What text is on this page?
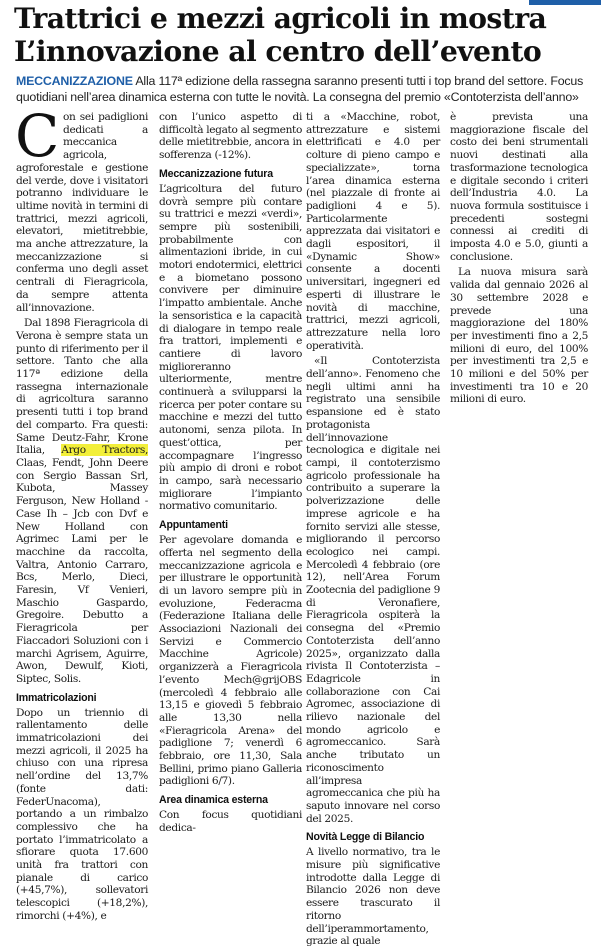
Trattrici e mezzi agricoli in mostra
L’innovazione al centro dell’evento

MECCANIZZAZIONE Alla 117ª edizione della rassegna saranno presenti tutti i top brand del settore. Focus

quotidiani nell’area dinamica esterna con tutte le novità. La consegna del premio «Contoterzista dell’anno»

Con sei padiglioni dedicati a meccanica agricola, agroforestale e gestione del verde, dove i visitatori potranno individuare le ultime novità in termini di trattrici, mezzi agricoli, elevatori, mietitrebbie, ma anche attrezzature, la meccanizzazione si conferma uno degli asset centrali di Fieragricola, da sempre attenta all’innovazione.

Dal 1898 Fieragricola di Verona è sempre stata un punto di riferimento per il settore. Tanto che alla 117ª edizione della rassegna internazionale di agricoltura saranno presenti tutti i top brand del comparto. Fra questi: Same Deutz-Fahr, Krone Italia, Argo Tractors, Claas, Fendt, John Deere con Sergio Bassan Srl, Kubota, Massey Ferguson, New Holland - Case Ih – Jcb con Dvf e New Holland con Agrimec Lami per le macchine da raccolta, Valtra, Antonio Carraro, Bcs, Merlo, Dieci, Faresin, Vf Venieri, Maschio Gaspardo, Gregoire. Debutto a Fieragricola per Fiaccadori Soluzioni con i marchi Agrisem, Aguirre, Awon, Dewulf, Kioti, Siptec, Solis.

Immatricolazioni

Dopo un triennio di rallentamento delle immatricolazioni dei mezzi agricoli, il 2025 ha chiuso con una ripresa nell’ordine del 13,7% (fonte dati: FederUnacoma), portando a un rimbalzo complessivo che ha portato l’immatricolato a sfiorare quota 17.600 unità fra trattori con pianale di carico (+45,7%), sollevatori telescopici (+18,2%), rimorchi (+4%), e

con l’unico aspetto di difficoltà legato al segmento delle mietitrebbie, ancora in sofferenza (-12%).

Meccanizzazione futura

L’agricoltura del futuro dovrà sempre più contare su trattrici e mezzi «verdi», sempre più sostenibili, probabilmente con alimentazioni ibride, in cui motori endotermici, elettrici e a biometano possono convivere per diminuire l’impatto ambientale. Anche la sensoristica e la capacità di dialogare in tempo reale fra trattori, implementi e cantiere di lavoro miglioreranno ulteriormente, mentre continuerà a svilupparsi la ricerca per poter contare su macchine e mezzi del tutto autonomi, senza pilota. In quest’ottica, per accompagnare l’ingresso più ampio di droni e robot in campo, sarà necessario migliorare l’impianto normativo comunitario.

Appuntamenti

Per agevolare domanda e offerta nel segmento della meccanizzazione agricola e per illustrare le opportunità di un lavoro sempre più in evoluzione, Federacma (Federazione Italiana delle Associazioni Nazionali dei Servizi e Commercio Macchine Agricole) organizzerà a Fieragricola l’evento Mech@grijOBS (mercoledì 4 febbraio alle 13,15 e giovedì 5 febbraio alle 13,30 nella «Fieragricola Arena» del padiglione 7; venerdì 6 febbraio, ore 11,30, Sala Bellini, primo piano Galleria padiglioni 6/7).

Area dinamica esterna

Con focus quotidiani dedica-

ti a «Macchine, robot, attrezzature e sistemi elettrificati e 4.0 per colture di pieno campo e specializzate», torna l’area dinamica esterna (nel piazzale di fronte ai padiglioni 4 e 5). Particolarmente apprezzata dai visitatori e dagli espositori, il «Dynamic Show» consente a docenti universitari, ingegneri ed esperti di illustrare le novità di macchine, trattrici, mezzi agricoli, attrezzature nella loro operatività.

«Il Contoterzista dell’anno». Fenomeno che negli ultimi anni ha registrato una sensibile espansione ed è stato protagonista dell’innovazione tecnologica e digitale nei campi, il contoterzismo agricolo professionale ha contribuito a superare la polverizzazione delle imprese agricole e ha fornito servizi alle stesse, migliorando il percorso ecologico nei campi. Mercoledì 4 febbraio (ore 12), nell’Area Forum Zootecnia del padiglione 9 di Veronafiere, Fieragricola ospiterà la consegna del «Premio Contoterzista dell’anno 2025», organizzato dalla rivista Il Contoterzista – Edagricole in collaborazione con Cai Agromec, associazione di rilievo nazionale del mondo agricolo e agromeccanico. Sarà anche tributato un riconoscimento all’impresa agromeccanica che più ha saputo innovare nel corso del 2025.

Novità Legge di Bilancio

A livello normativo, tra le misure più significative introdotte dalla Legge di Bilancio 2026 non deve essere trascurato il ritorno dell’iperammortamento, grazie al quale

è prevista una maggiorazione fiscale del costo dei beni strumentali nuovi destinati alla trasformazione tecnologica e digitale secondo i criteri dell’Industria 4.0. La nuova formula sostituisce i precedenti sostegni connessi ai crediti di imposta 4.0 e 5.0, giunti a conclusione.

La nuova misura sarà valida dal gennaio 2026 al 30 settembre 2028 e prevede una maggiorazione del 180% per investimenti fino a 2,5 milioni di euro, del 100% per investimenti tra 2,5 e 10 milioni e del 50% per investimenti tra 10 e 20 milioni di euro.
